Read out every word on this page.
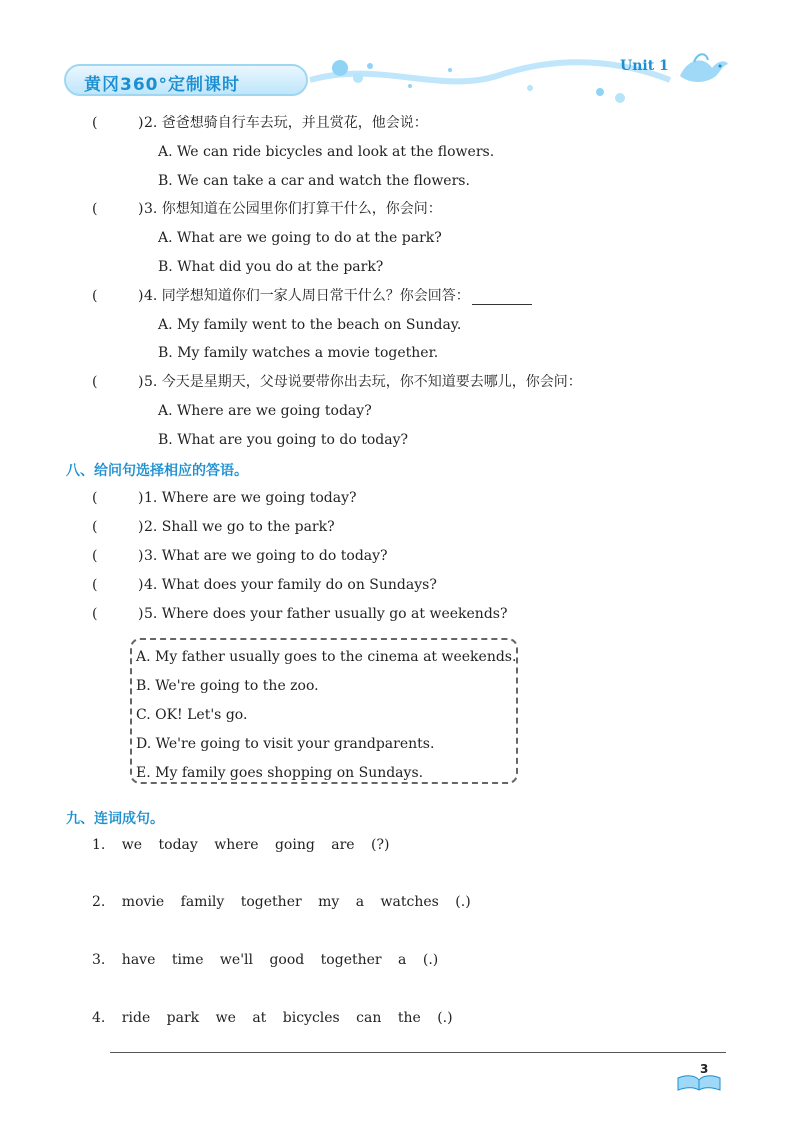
黄冈360°定制课时
Unit 1
(	) 2. 爸爸想骑自行车去玩，并且赏花，他会说：
A. We can ride bicycles and look at the flowers.
B. We can take a car and watch the flowers.
(	) 3. 你想知道在公园里你们打算干什么，你会问：
A. What are we going to do at the park?
B. What did you do at the park?
(	) 4. 同学想知道你们一家人周日常干什么？你会回答：
A. My family went to the beach on Sunday.
B. My family watches a movie together.
(	) 5. 今天是星期天，父母说要带你出去玩，你不知道要去哪儿，你会问：
A. Where are we going today?
B. What are you going to do today?
八、给问句选择相应的答语。
(	) 1. Where are we going today?
(	) 2. Shall we go to the park?
(	) 3. What are we going to do today?
(	) 4. What does your family do on Sundays?
(	) 5. Where does your father usually go at weekends?
A. My father usually goes to the cinema at weekends.
B. We're going to the zoo.
C. OK! Let's go.
D. We're going to visit your grandparents.
E. My family goes shopping on Sundays.
九、连词成句。
1. we today where going are (?)
2. movie family together my a watches (.)
3. have time we'll good together a (.)
4. ride park we at bicycles can the (.)
3
